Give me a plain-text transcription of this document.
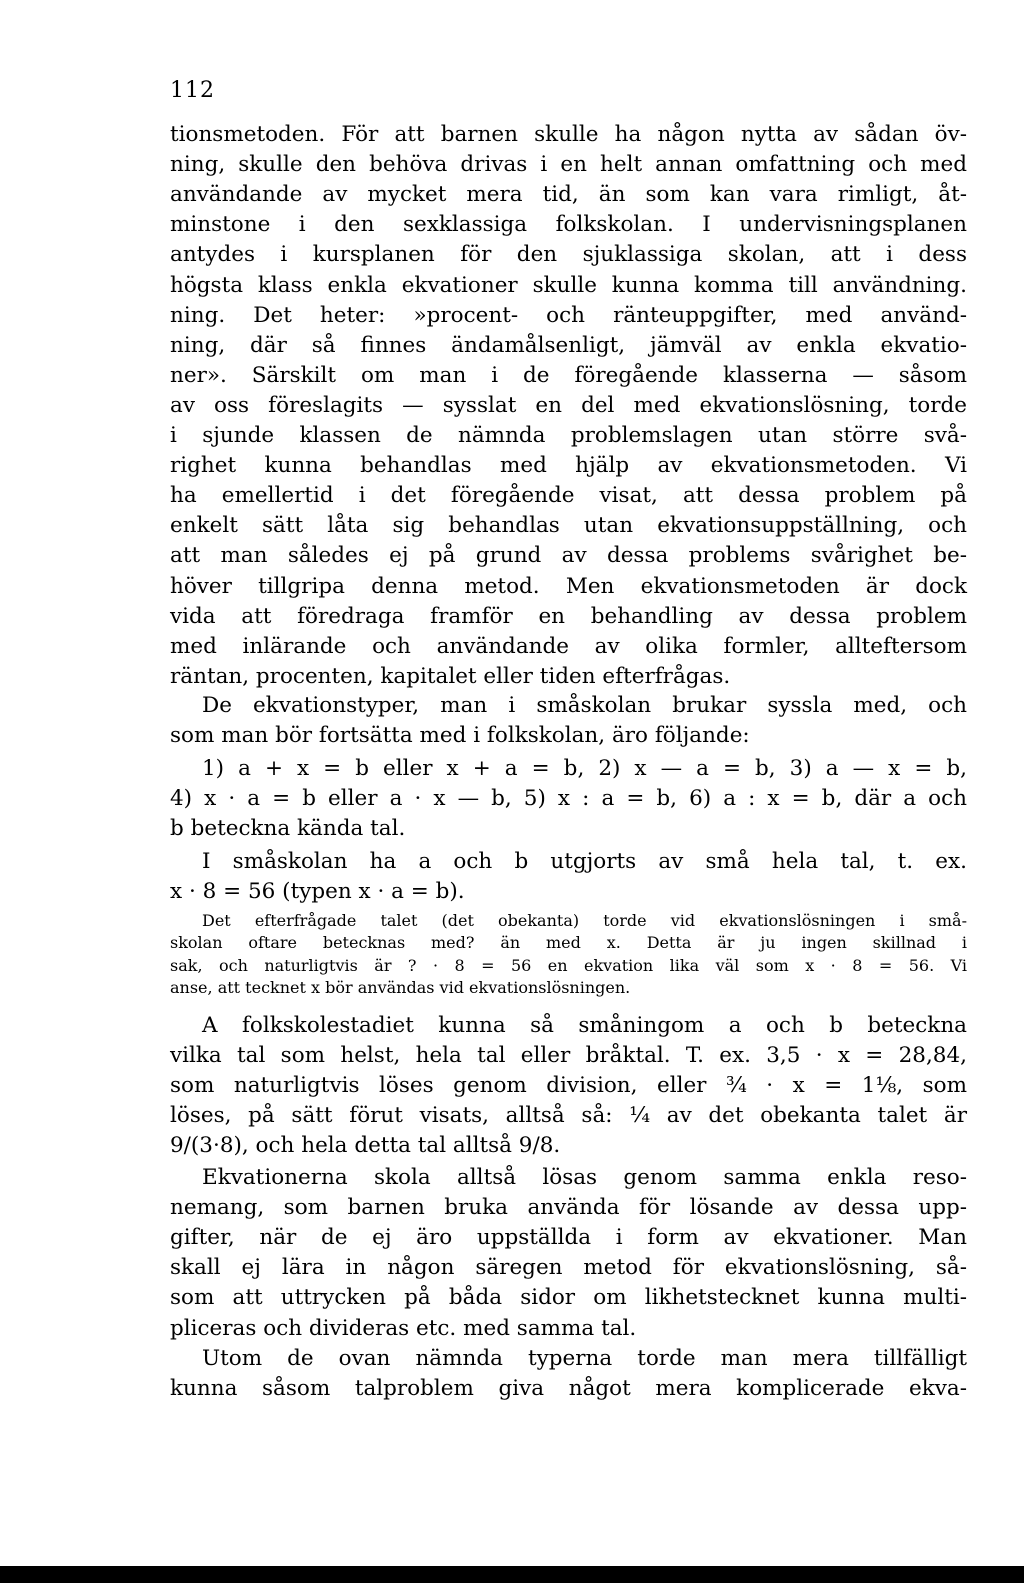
112
tionsmetoden. För att barnen skulle ha någon nytta av sådan öv-
ning, skulle den behöva drivas i en helt annan omfattning och med
användande av mycket mera tid, än som kan vara rimligt, åt-
minstone i den sexklassiga folkskolan. I undervisningsplanen
antydes i kursplanen för den sjuklassiga skolan, att i dess
högsta klass enkla ekvationer skulle kunna komma till användning.
ning. Det heter: »procent- och ränteuppgifter, med använd-
ning, där så finnes ändamålsenligt, jämväl av enkla ekvatio-
ner». Särskilt om man i de föregående klasserna — såsom
av oss föreslagits — sysslat en del med ekvationslösning, torde
i sjunde klassen de nämnda problemslagen utan större svå-
righet kunna behandlas med hjälp av ekvationsmetoden. Vi
ha emellertid i det föregående visat, att dessa problem på
enkelt sätt låta sig behandlas utan ekvationsuppställning, och
att man således ej på grund av dessa problems svårighet be-
höver tillgripa denna metod. Men ekvationsmetoden är dock
vida att föredraga framför en behandling av dessa problem
med inlärande och användande av olika formler, allteftersom
räntan, procenten, kapitalet eller tiden efterfrågas.
De ekvationstyper, man i småskolan brukar syssla med, och
som man bör fortsätta med i folkskolan, äro följande:
1) a + x = b eller x + a = b, 2) x — a = b, 3) a — x = b,
4) x · a = b eller a · x — b, 5) x : a = b, 6) a : x = b, där a och
b beteckna kända tal.
I småskolan ha a och b utgjorts av små hela tal, t. ex.
x · 8 = 56 (typen x · a = b).
Det efterfrågade talet (det obekanta) torde vid ekvationslösningen i små-
skolan oftare betecknas med? än med x. Detta är ju ingen skillnad i
sak, och naturligtvis är ? · 8 = 56 en ekvation lika väl som x · 8 = 56. Vi
anse, att tecknet x bör användas vid ekvationslösningen.
A folkskolestadiet kunna så småningom a och b beteckna
vilka tal som helst, hela tal eller bråktal. T. ex. 3,5 · x = 28,84,
som naturligtvis löses genom division, eller ¾ · x = 1⅛, som
löses, på sätt förut visats, alltså så: ¼ av det obekanta talet är
9/(3·8), och hela detta tal alltså 9/8.
Ekvationerna skola alltså lösas genom samma enkla reso-
nemang, som barnen bruka använda för lösande av dessa upp-
gifter, när de ej äro uppställda i form av ekvationer. Man
skall ej lära in någon säregen metod för ekvationslösning, så-
som att uttrycken på båda sidor om likhetstecknet kunna multi-
pliceras och divideras etc. med samma tal.
Utom de ovan nämnda typerna torde man mera tillfälligt
kunna såsom talproblem giva något mera komplicerade ekva-
